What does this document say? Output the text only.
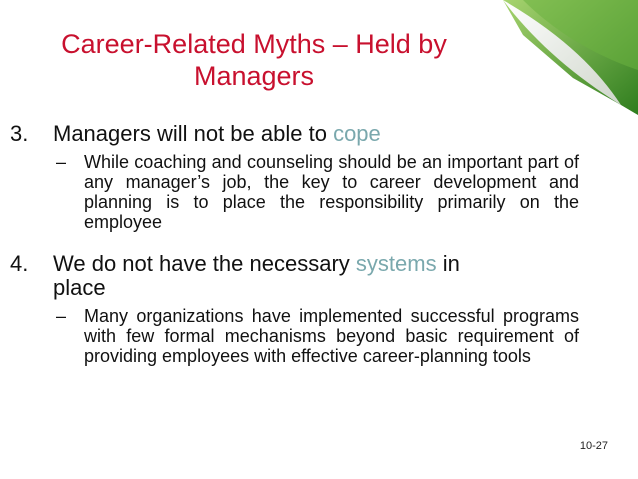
Career-Related Myths – Held by
Managers
3. Managers will not be able to cope
– While coaching and counseling should be an important part of any manager’s job, the key to career development and planning is to place the responsibility primarily on the employee
4. We do not have the necessary systems in
place
– Many organizations have implemented successful programs with few formal mechanisms beyond basic requirement of providing employees with effective career-planning tools
10-27
